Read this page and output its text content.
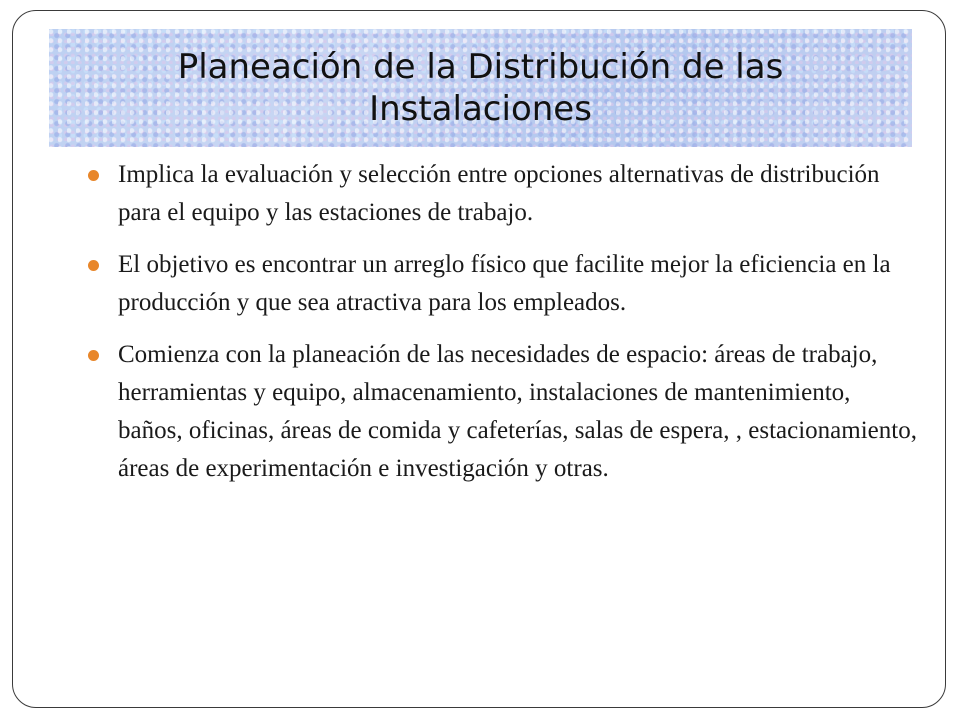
Planeación de la Distribución de las
Instalaciones
Implica la evaluación y selección entre opciones alternativas de distribución para el equipo y las estaciones de trabajo.
El objetivo es encontrar un arreglo físico que facilite mejor la eficiencia en la producción y que sea atractiva para los empleados.
Comienza con la planeación de las necesidades de espacio: áreas de trabajo, herramientas y equipo, almacenamiento, instalaciones de mantenimiento, baños, oficinas, áreas de comida y cafeterías, salas de espera, , estacionamiento, áreas de experimentación e investigación y otras.
